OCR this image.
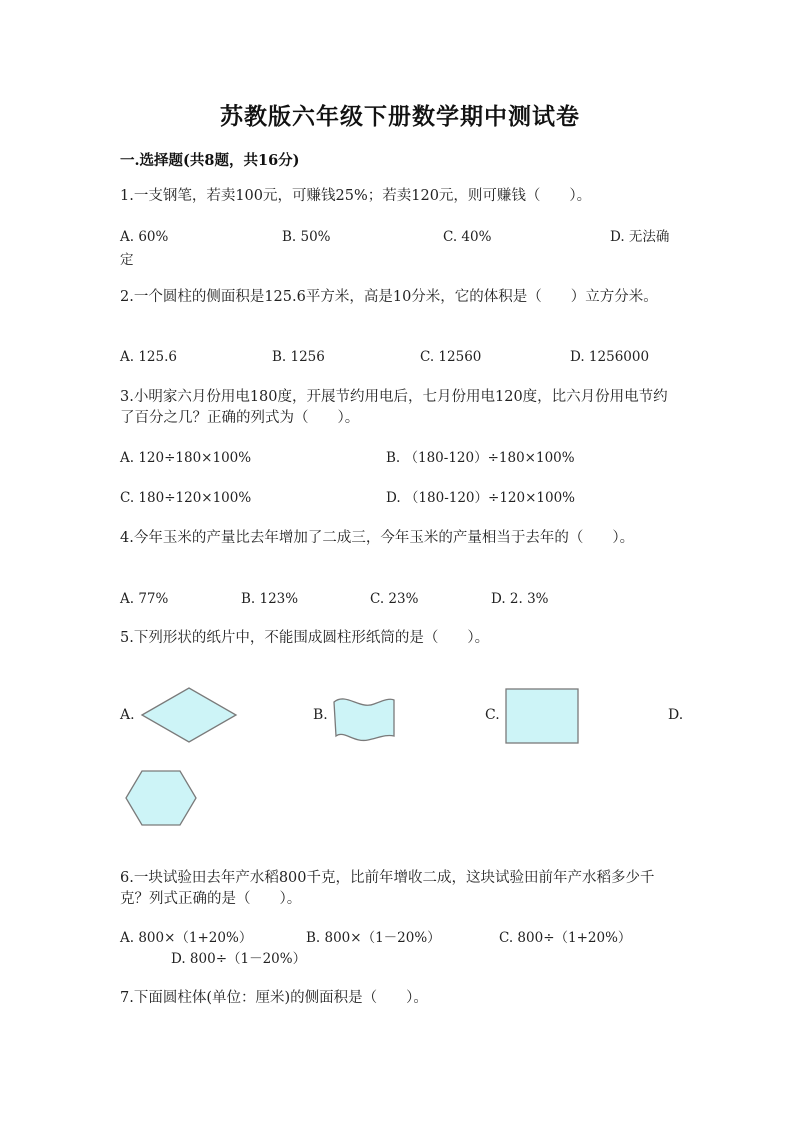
苏教版六年级下册数学期中测试卷
一.选择题(共8题，共16分)
1.一支钢笔，若卖100元，可赚钱25%；若卖120元，则可赚钱（　　）。
A. 60%	B. 50%	C. 40%	D. 无法确
定
2.一个圆柱的侧面积是125.6平方米，高是10分米，它的体积是（　　）立方分米。
A. 125.6	B. 1256	C. 12560	D. 1256000
3.小明家六月份用电180度，开展节约用电后，七月份用电120度，比六月份用电节约了百分之几？正确的列式为（　　）。
A. 120÷180×100%	B. （180-120）÷180×100%
C. 180÷120×100%	D. （180-120）÷120×100%
4.今年玉米的产量比去年增加了二成三，今年玉米的产量相当于去年的（　　）。
A. 77%	B. 123%	C. 23%	D. 2. 3%
5.下列形状的纸片中，不能围成圆柱形纸筒的是（　　）。
A.	B.	C.	D.
6.一块试验田去年产水稻800千克，比前年增收二成，这块试验田前年产水稻多少千克？列式正确的是（　　）。
A. 800×（1+20%）	B. 800×（1－20%）	C. 800÷（1+20%）
D. 800÷（1－20%）
7.下面圆柱体(单位：厘米)的侧面积是（　　）。
